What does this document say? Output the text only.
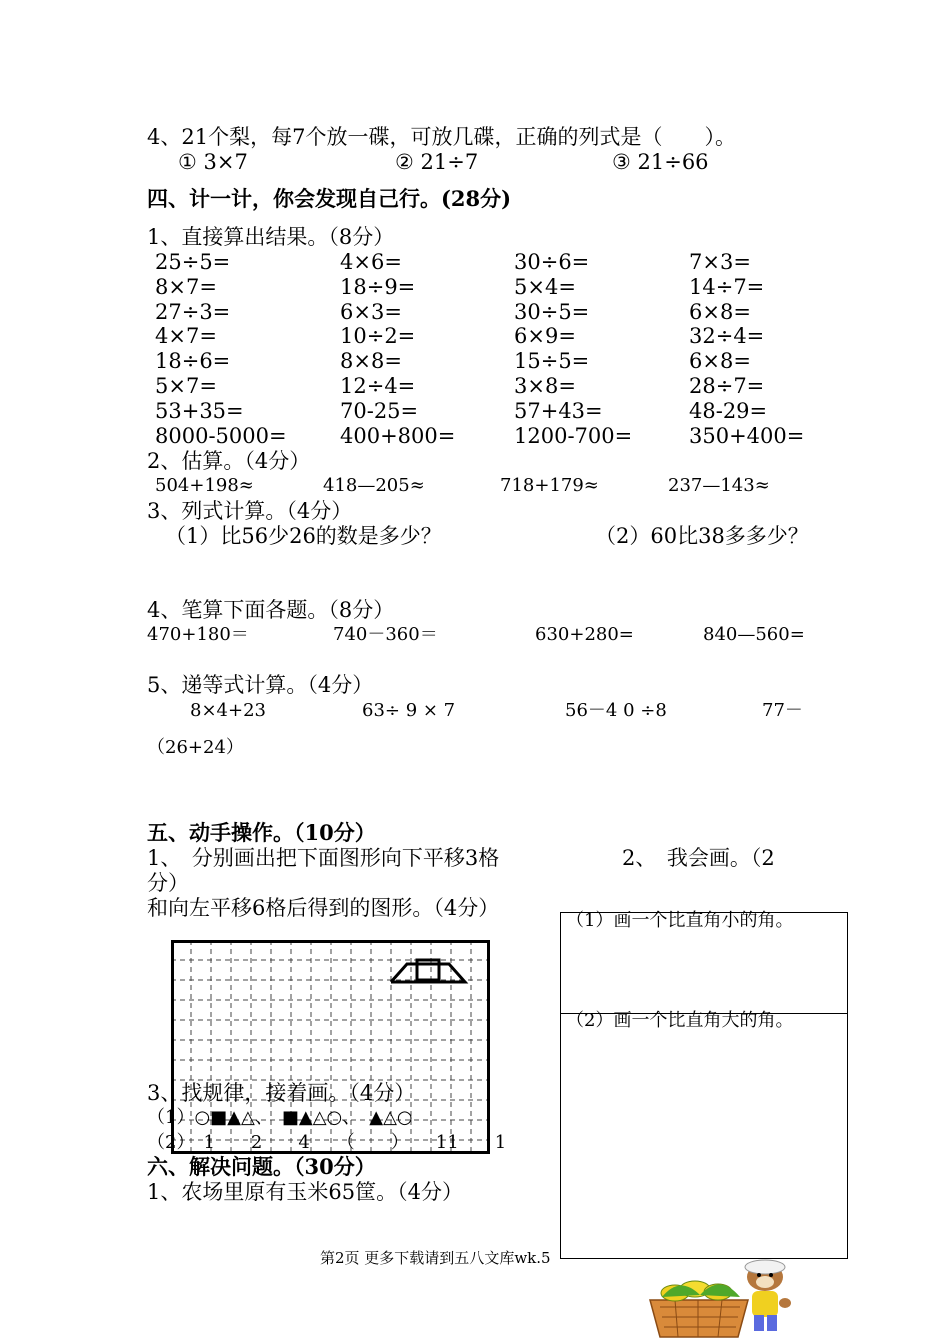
4、21个梨，每7个放一碟，可放几碟，正确的列式是（　　）。
① 3×7	② 21÷7	③ 21÷66
四、计一计，你会发现自己行。(28分)
1、直接算出结果。（8分）
25÷5=	4×6=	30÷6=	7×3=
8×7=	18÷9=	5×4=	14÷7=
27÷3=	6×3=	30÷5=	6×8=
4×7=	10÷2=	6×9=	32÷4=
18÷6=	8×8=	15÷5=	6×8=
5×7=	12÷4=	3×8=	28÷7=
53+35=	70-25=	57+43=	48-29=
8000-5000=	400+800=	1200-700=	350+400=
2、估算。（4分）
504+198≈	418—205≈	718+179≈	237—143≈
3、列式计算。（4分）
（1）比56少26的数是多少？	（2）60比38多多少？
4、笔算下面各题。（8分）
470+180＝	740－360＝	630+280=	840—560=
5、递等式计算。（4分）
8×4+23	63÷ 9 × 7	56－4 0 ÷8	77－
（26+24）
五、动手操作。（10分）
1、　分别画出把下面图形向下平移3格	2、　我会画。（2
分）
和向左平移6格后得到的图形。（4分）
（1）画一个比直角小的角。
（2）画一个比直角大的角。
3、找规律，接着画。（4分）
（1）○■▲△、　■▲△○、　▲△○
（2）　1　　2　　4　　（　　）　　11　　1
六、解决问题。（30分）
1、农场里原有玉米65筐。（4分）
第2页 更多下载请到五八文库wk.5
